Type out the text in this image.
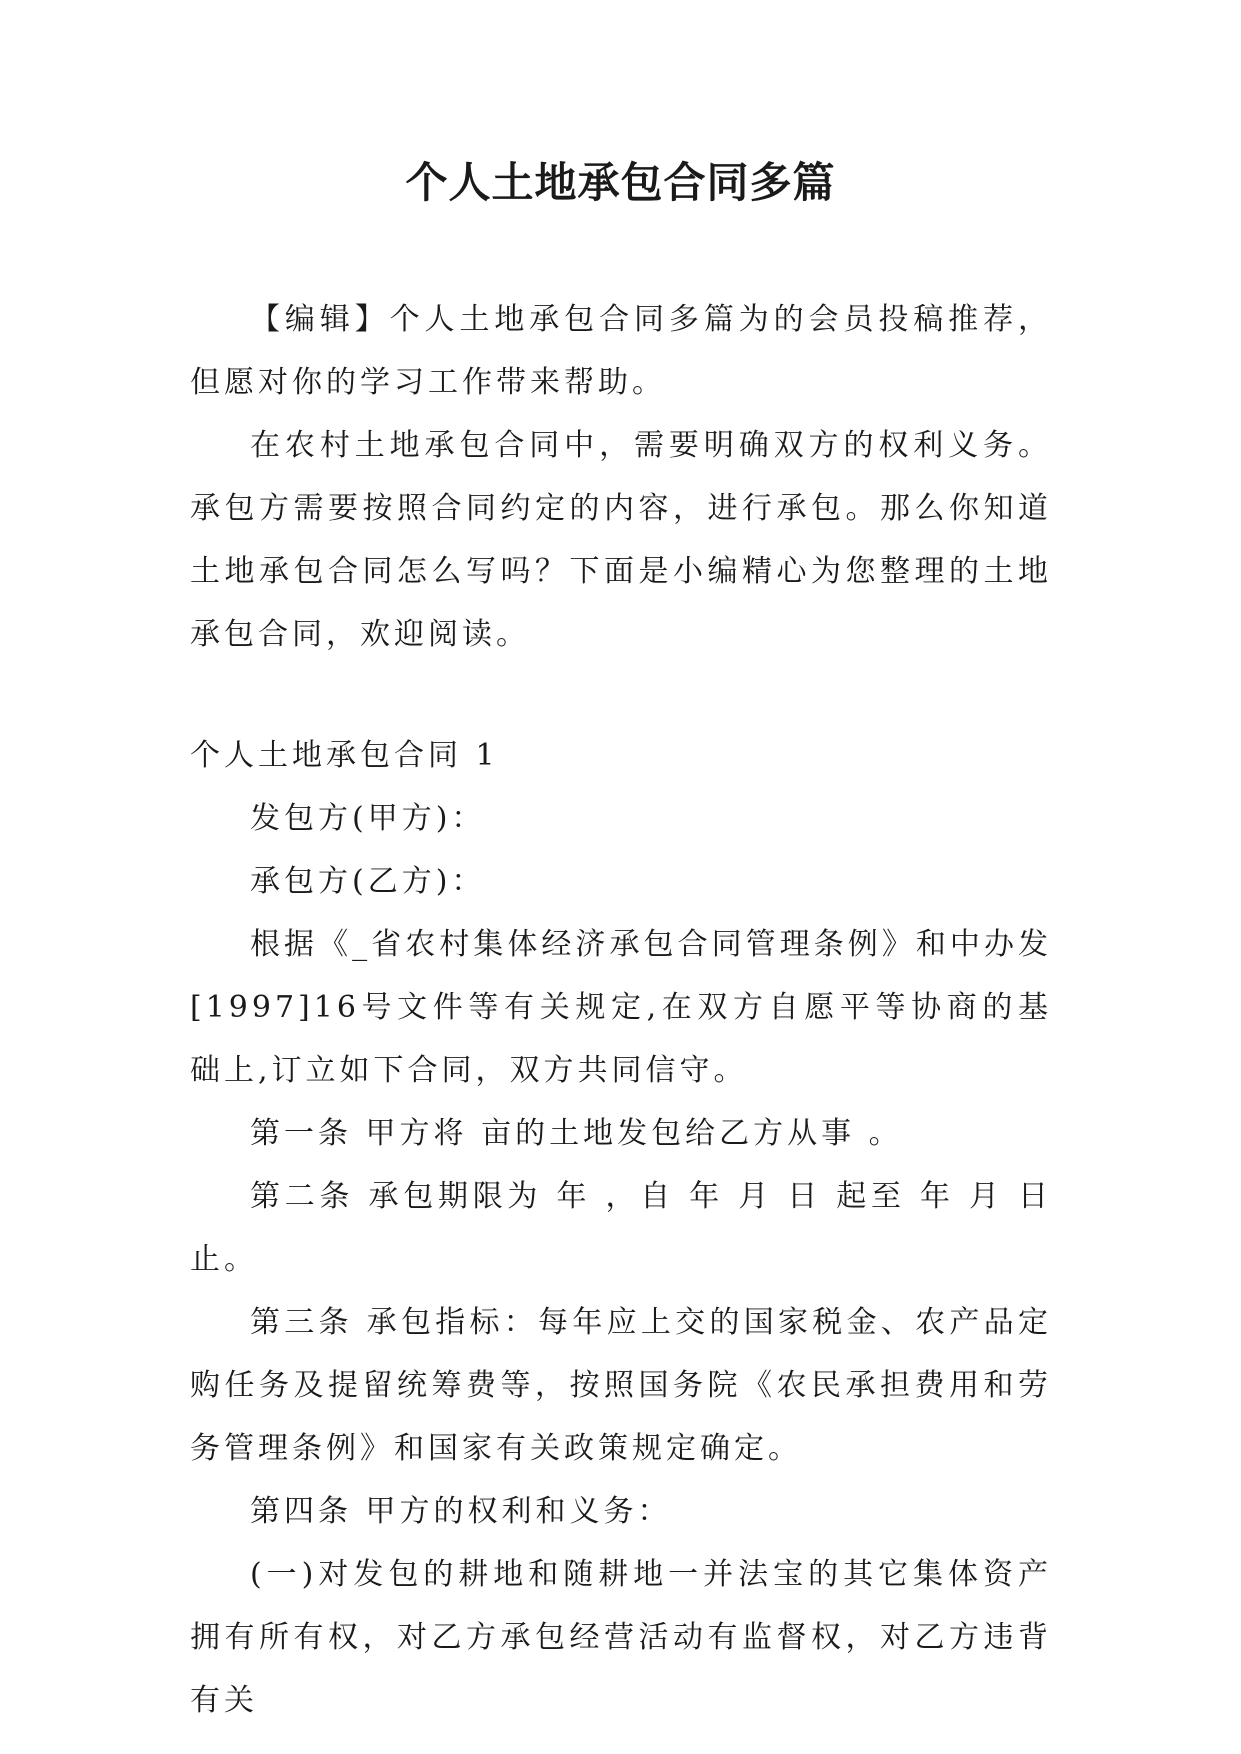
个人土地承包合同多篇

【编辑】个人土地承包合同多篇为的会员投稿推荐，但愿对你的学习工作带来帮助。

在农村土地承包合同中，需要明确双方的权利义务。承包方需要按照合同约定的内容，进行承包。那么你知道土地承包合同怎么写吗？下面是小编精心为您整理的土地承包合同，欢迎阅读。

个人土地承包合同 1

发包方(甲方)：

承包方(乙方)：

根据《_省农村集体经济承包合同管理条例》和中办发[1997]16号文件等有关规定,在双方自愿平等协商的基础上,订立如下合同，双方共同信守。

第一条 甲方将 亩的土地发包给乙方从事 。

第二条 承包期限为 年 ，自 年 月 日 起至 年 月 日止。

第三条 承包指标：每年应上交的国家税金、农产品定购任务及提留统筹费等，按照国务院《农民承担费用和劳务管理条例》和国家有关政策规定确定。

第四条 甲方的权利和义务：

(一)对发包的耕地和随耕地一并法宝的其它集体资产拥有所有权，对乙方承包经营活动有监督权，对乙方违背有关
